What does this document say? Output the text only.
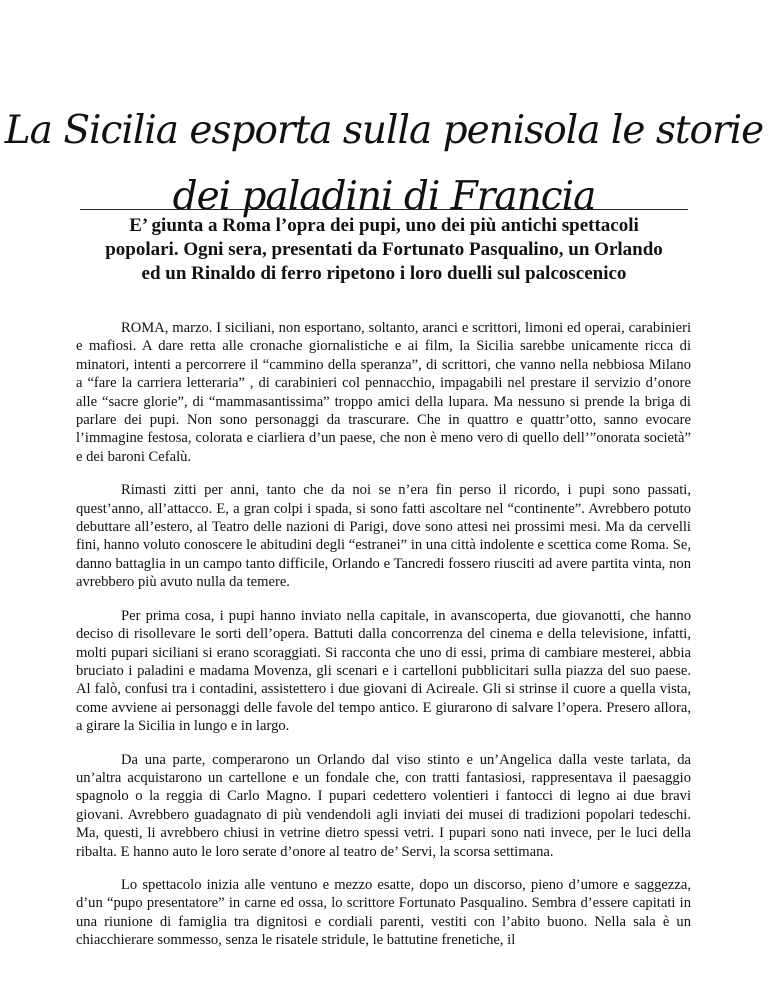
La Sicilia esporta sulla penisola le storie
dei paladini di Francia
E’ giunta a Roma l’opra dei pupi, uno dei più antichi spettacoli
popolari. Ogni sera, presentati da Fortunato Pasqualino, un Orlando
ed un Rinaldo di ferro ripetono i loro duelli sul palcoscenico

ROMA, marzo. I siciliani, non esportano, soltanto, aranci e scrittori, limoni ed operai, carabinieri e mafiosi. A dare retta alle cronache giornalistiche e ai film, la Sicilia sarebbe unicamente ricca di minatori, intenti a percorrere il “cammino della speranza”, di scrittori, che vanno nella nebbiosa Milano a “fare la carriera letteraria” , di carabinieri col pennacchio, impagabili nel prestare il servizio d’onore alle “sacre glorie”, di “mammasantissima” troppo amici della lupara. Ma nessuno si prende la briga di parlare dei pupi. Non sono personaggi da trascurare. Che in quattro e quattr’otto, sanno evocare l’immagine festosa, colorata e ciarliera d’un paese, che non è meno vero di quello dell’”onorata società” e dei baroni Cefalù.

Rimasti zitti per anni, tanto che da noi se n’era fin perso il ricordo, i pupi sono passati, quest’anno, all’attacco. E, a gran colpi i spada, si sono fatti ascoltare nel “continente”. Avrebbero potuto debuttare all’estero, al Teatro delle nazioni di Parigi, dove sono attesi nei prossimi mesi. Ma da cervelli fini, hanno voluto conoscere le abitudini degli “estranei” in una città indolente e scettica come Roma. Se, danno battaglia in un campo tanto difficile, Orlando e Tancredi fossero riusciti ad avere partita vinta, non avrebbero più avuto nulla da temere.

Per prima cosa, i pupi hanno inviato nella capitale, in avanscoperta, due giovanotti, che hanno deciso di risollevare le sorti dell’opera. Battuti dalla concorrenza del cinema e della televisione, infatti, molti pupari siciliani si erano scoraggiati. Si racconta che uno di essi, prima di cambiare mesterei, abbia bruciato i paladini e madama Movenza, gli scenari e i cartelloni pubblicitari sulla piazza del suo paese. Al falò, confusi tra i contadini, assistettero i due giovani di Acireale. Gli si strinse il cuore a quella vista, come avviene ai personaggi delle favole del tempo antico. E giurarono di salvare l’opera. Presero allora, a girare la Sicilia in lungo e in largo.

Da una parte, comperarono un Orlando dal viso stinto e un’Angelica dalla veste tarlata, da un’altra acquistarono un cartellone e un fondale che, con tratti fantasiosi, rappresentava il paesaggio spagnolo o la reggia di Carlo Magno. I pupari cedettero volentieri i fantocci di legno ai due bravi giovani. Avrebbero guadagnato di più vendendoli agli inviati dei musei di tradizioni popolari tedeschi. Ma, questi, li avrebbero chiusi in vetrine dietro spessi vetri. I pupari sono nati invece, per le luci della ribalta. E hanno auto le loro serate d’onore al teatro de’ Servi, la scorsa settimana.

Lo spettacolo inizia alle ventuno e mezzo esatte, dopo un discorso, pieno d’umore e saggezza, d’un “pupo presentatore” in carne ed ossa, lo scrittore Fortunato Pasqualino. Sembra d’essere capitati in una riunione di famiglia tra dignitosi e cordiali parenti, vestiti con l’abito buono. Nella sala è un chiacchierare sommesso, senza le risatele stridule, le battutine frenetiche, il
